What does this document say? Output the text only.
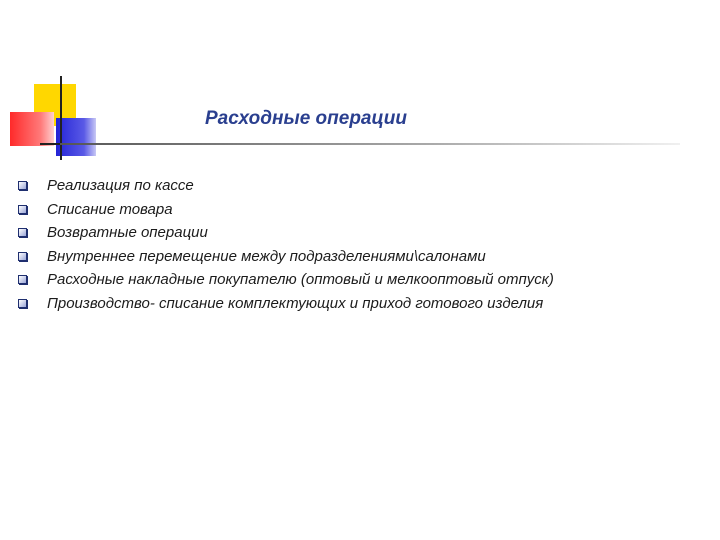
Расходные операции
Реализация по кассе
Списание товара
Возвратные операции
Внутреннее перемещение между подразделениями\салонами
Расходные накладные покупателю (оптовый и мелкооптовый отпуск)
Производство- списание комплектующих и приход готового изделия
